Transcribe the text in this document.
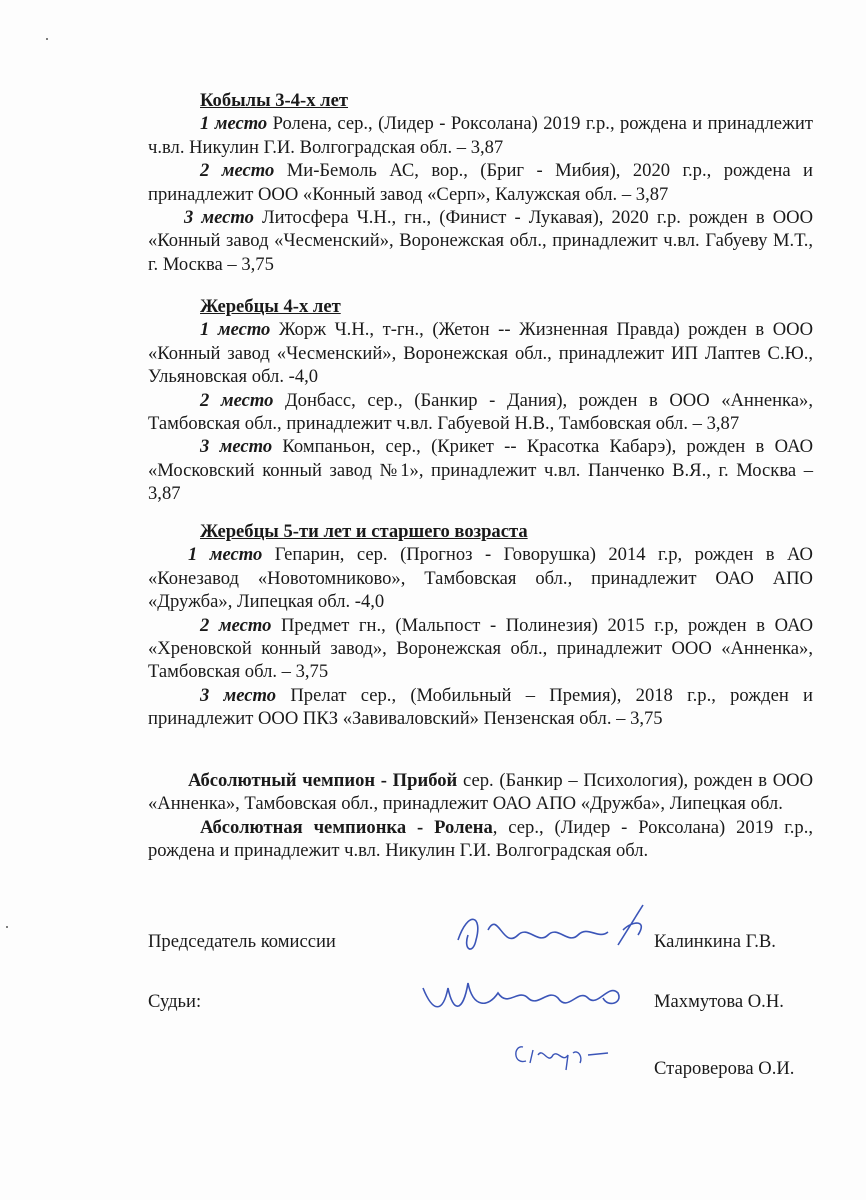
Кобылы 3-4-х лет

1 место Ролена, сер., (Лидер - Роксолана) 2019 г.р., рождена и принадлежит ч.вл. Никулин Г.И. Волгоградская обл. – 3,87

2 место Ми-Бемоль АС, вор., (Бриг - Мибия), 2020 г.р., рождена и принадлежит ООО «Конный завод «Серп», Калужская обл. – 3,87

3 место Литосфера Ч.Н., гн., (Финист - Лукавая), 2020 г.р. рожден в ООО «Конный завод «Чесменский», Воронежская обл., принадлежит ч.вл. Габуеву М.Т., г. Москва – 3,75

Жеребцы 4-х лет

1 место Жорж Ч.Н., т-гн., (Жетон -- Жизненная Правда) рожден в ООО «Конный завод «Чесменский», Воронежская обл., принадлежит ИП Лаптев С.Ю., Ульяновская обл. -4,0

2 место Донбасс, сер., (Банкир - Дания), рожден в ООО «Анненка», Тамбовская обл., принадлежит ч.вл. Габуевой Н.В., Тамбовская обл. – 3,87

3 место Компаньон, сер., (Крикет -- Красотка Кабарэ), рожден в ОАО «Московский конный завод №1», принадлежит ч.вл. Панченко В.Я., г. Москва – 3,87

Жеребцы 5-ти лет и старшего возраста

1 место Гепарин, сер. (Прогноз - Говорушка) 2014 г.р, рожден в АО «Конезавод «Новотомниково», Тамбовская обл., принадлежит ОАО АПО «Дружба», Липецкая обл. -4,0

2 место Предмет гн., (Мальпост - Полинезия) 2015 г.р, рожден в ОАО «Хреновской конный завод», Воронежская обл., принадлежит ООО «Анненка», Тамбовская обл. – 3,75

3 место Прелат сер., (Мобильный – Премия), 2018 г.р., рожден и принадлежит ООО ПКЗ «Завиваловский» Пензенская обл. – 3,75

Абсолютный чемпион - Прибой сер. (Банкир – Психология), рожден в ООО «Анненка», Тамбовская обл., принадлежит ОАО АПО «Дружба», Липецкая обл.

Абсолютная чемпионка - Ролена, сер., (Лидер - Роксолана) 2019 г.р., рождена и принадлежит ч.вл. Никулин Г.И. Волгоградская обл.

Председатель комиссии	Калинкина Г.В.
Судьи:	Махмутова О.Н.
Староверова О.И.
